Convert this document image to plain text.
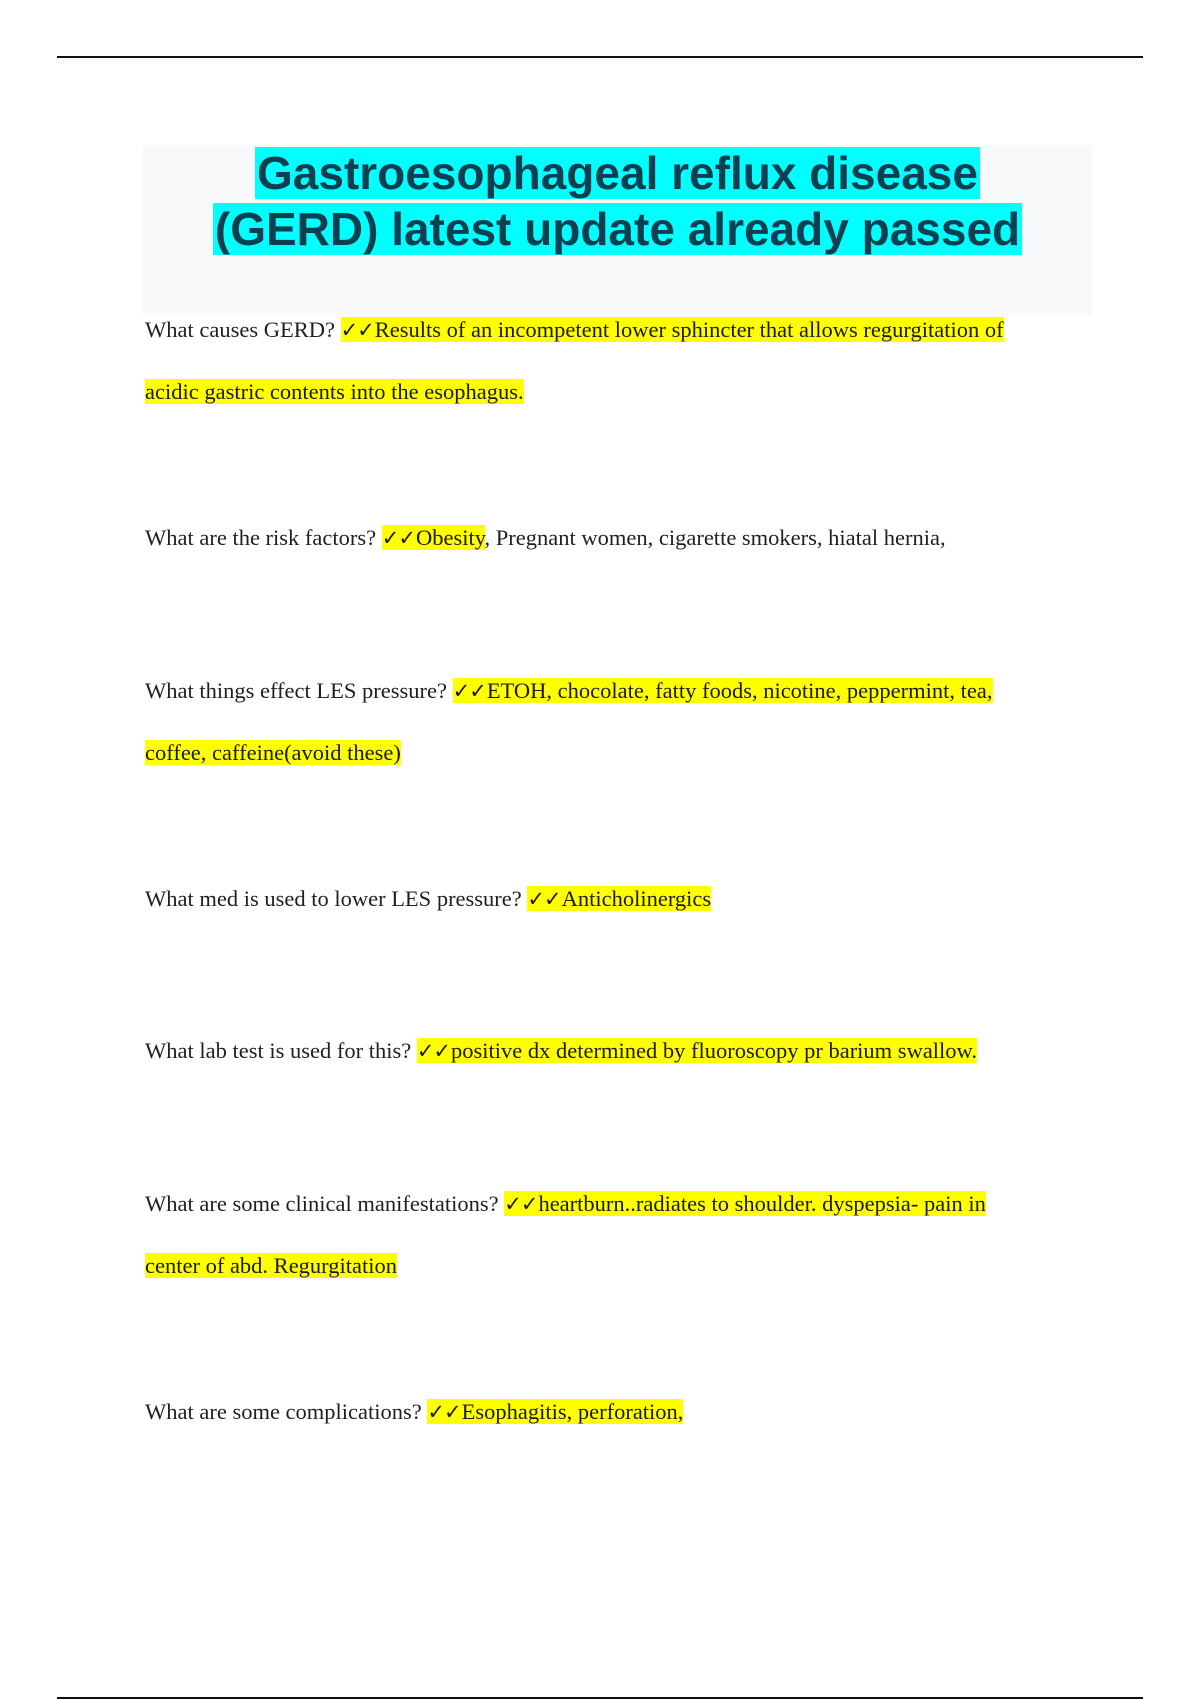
Gastroesophageal reflux disease
(GERD) latest update already passed

What causes GERD? ✓✓Results of an incompetent lower sphincter that allows regurgitation of
acidic gastric contents into the esophagus.

What are the risk factors? ✓✓Obesity, Pregnant women, cigarette smokers, hiatal hernia,

What things effect LES pressure? ✓✓ETOH, chocolate, fatty foods, nicotine, peppermint, tea,
coffee, caffeine(avoid these)

What med is used to lower LES pressure? ✓✓Anticholinergics

What lab test is used for this? ✓✓positive dx determined by fluoroscopy pr barium swallow.

What are some clinical manifestations? ✓✓heartburn..radiates to shoulder. dyspepsia- pain in
center of abd. Regurgitation

What are some complications? ✓✓Esophagitis, perforation,
